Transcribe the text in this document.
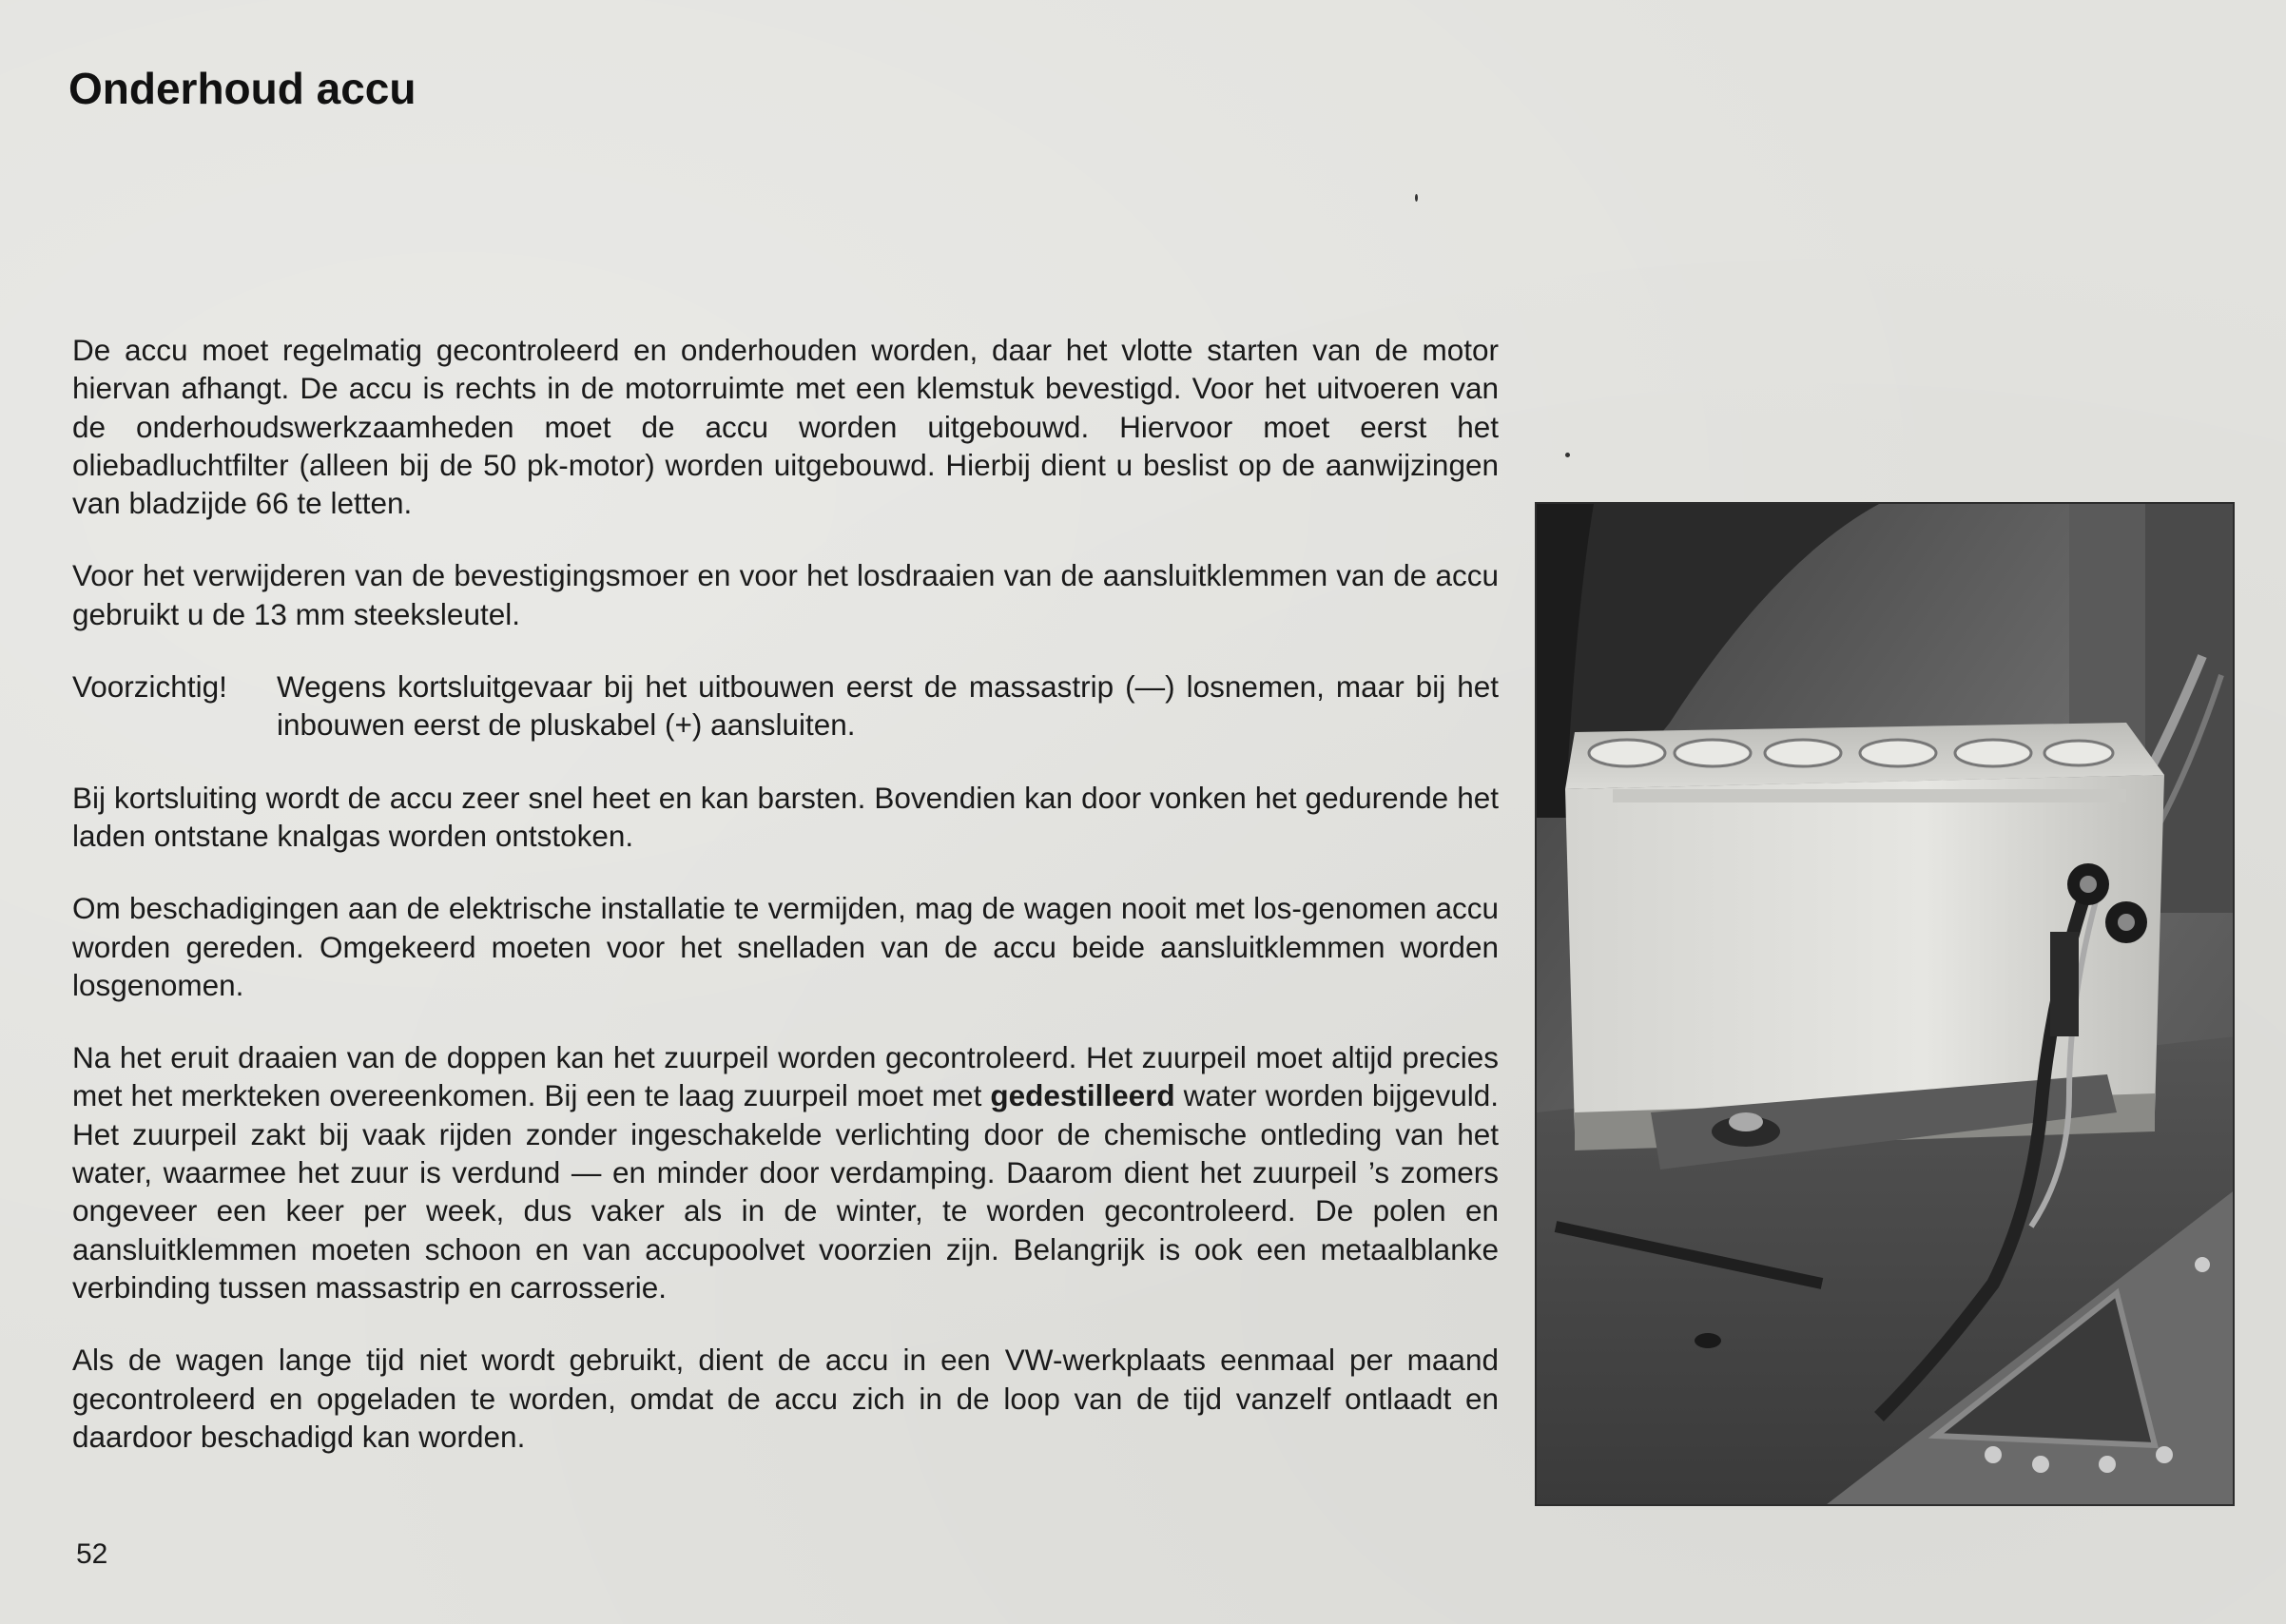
Onderhoud accu

De accu moet regelmatig gecontroleerd en onderhouden worden, daar het vlotte starten van de motor hiervan afhangt. De accu is rechts in de motorruimte met een klemstuk bevestigd. Voor het uitvoeren van de onderhoudswerkzaamheden moet de accu worden uitgebouwd. Hiervoor moet eerst het oliebadluchtfilter (alleen bij de 50 pk-motor) worden uitgebouwd. Hierbij dient u beslist op de aanwijzingen van bladzijde 66 te letten.

Voor het verwijderen van de bevestigingsmoer en voor het losdraaien van de aansluitklemmen van de accu gebruikt u de 13 mm steeksleutel.

Voorzichtig!	Wegens kortsluitgevaar bij het uitbouwen eerst de massastrip (—) losnemen, maar bij het inbouwen eerst de pluskabel (+) aansluiten.

Bij kortsluiting wordt de accu zeer snel heet en kan barsten. Bovendien kan door vonken het gedurende het laden ontstane knalgas worden ontstoken.

Om beschadigingen aan de elektrische installatie te vermijden, mag de wagen nooit met los-genomen accu worden gereden. Omgekeerd moeten voor het snelladen van de accu beide aansluitklemmen worden losgenomen.

Na het eruit draaien van de doppen kan het zuurpeil worden gecontroleerd. Het zuurpeil moet altijd precies met het merkteken overeenkomen. Bij een te laag zuurpeil moet met gedestilleerd water worden bijgevuld. Het zuurpeil zakt bij vaak rijden zonder ingeschakelde verlichting door de chemische ontleding van het water, waarmee het zuur is verdund — en minder door verdamping. Daarom dient het zuurpeil ’s zomers ongeveer een keer per week, dus vaker als in de winter, te worden gecontroleerd. De polen en aansluitklemmen moeten schoon en van accupoolvet voorzien zijn. Belangrijk is ook een metaalblanke verbinding tussen massastrip en carrosserie.

Als de wagen lange tijd niet wordt gebruikt, dient de accu in een VW-werkplaats eenmaal per maand gecontroleerd en opgeladen te worden, omdat de accu zich in de loop van de tijd vanzelf ontlaadt en daardoor beschadigd kan worden.

52
